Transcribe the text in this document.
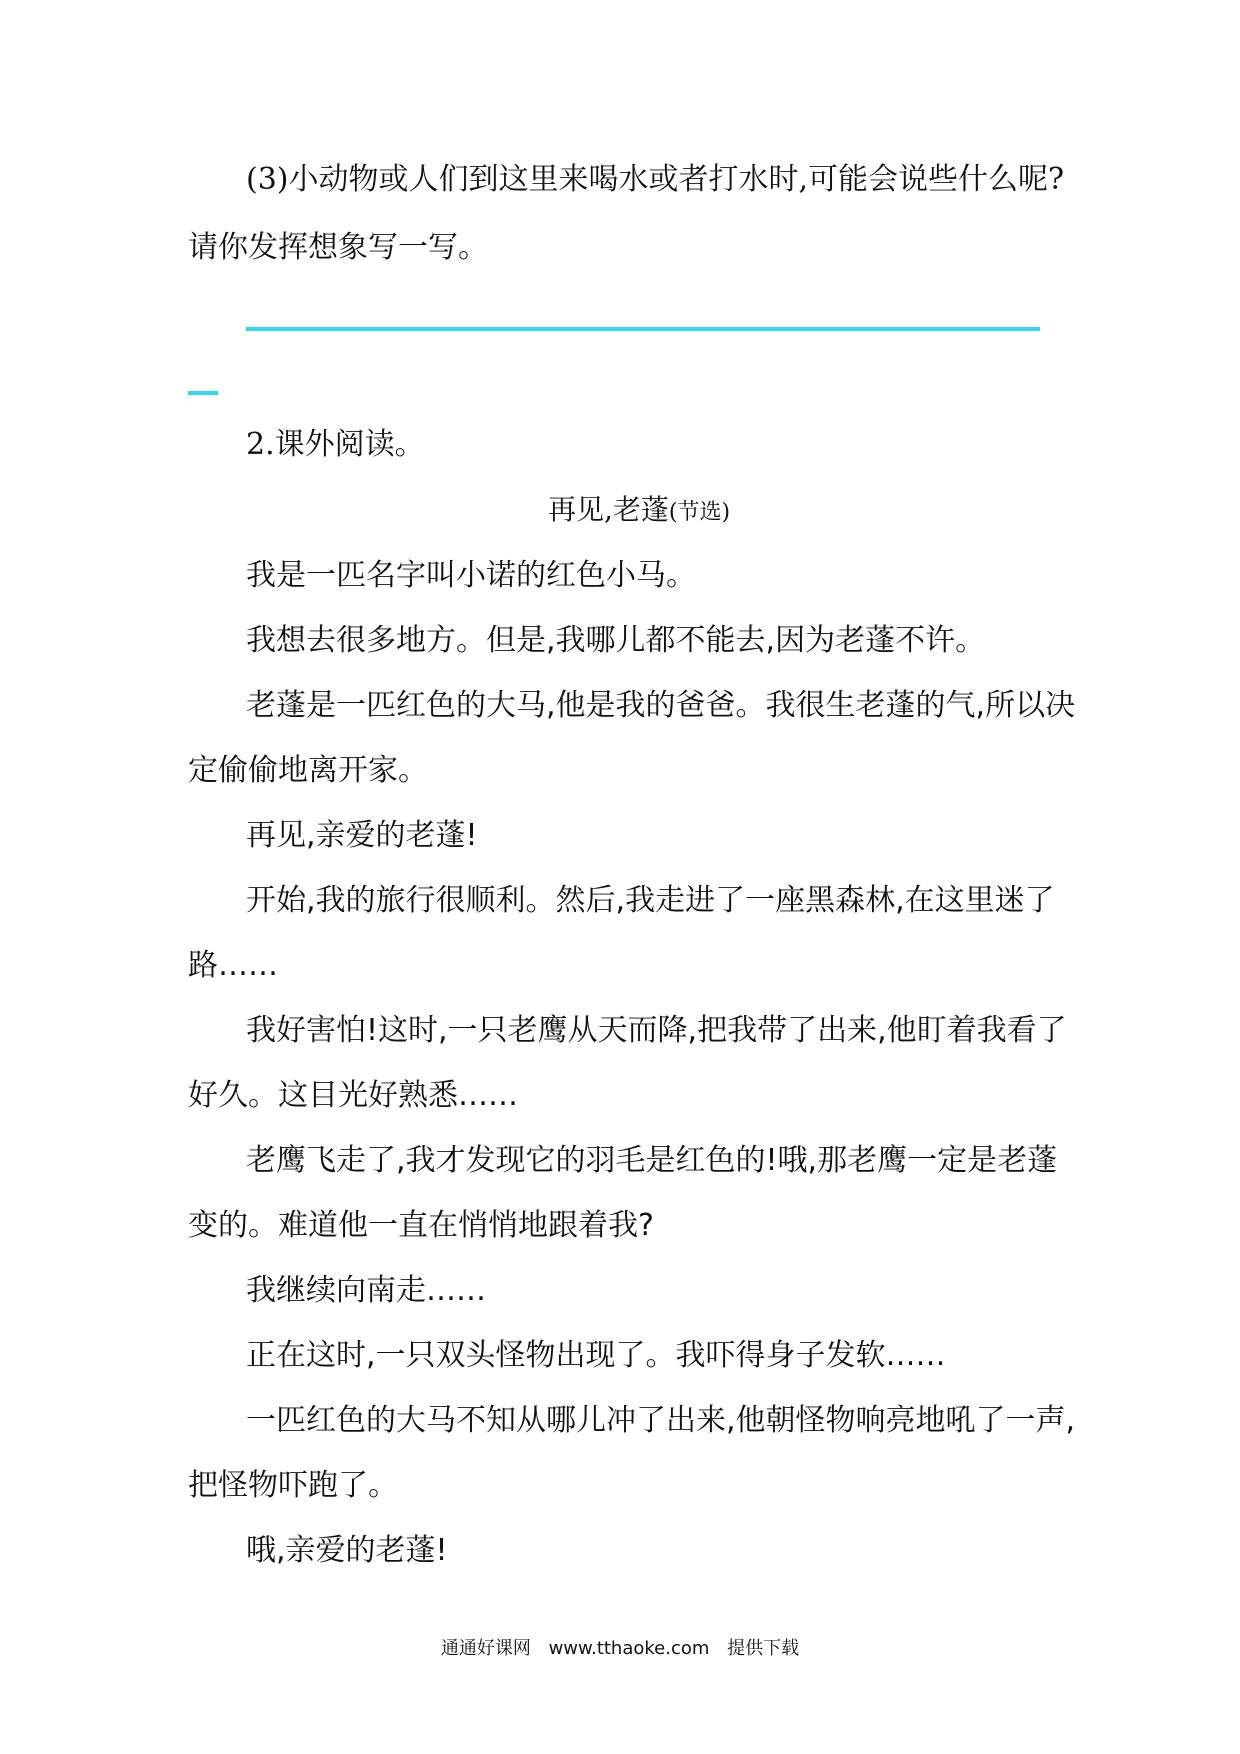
(3)小动物或人们到这里来喝水或者打水时,可能会说些什么呢?
请你发挥想象写一写。
2.课外阅读。
再见,老蓬(节选)
我是一匹名字叫小诺的红色小马。
我想去很多地方。但是,我哪儿都不能去,因为老蓬不许。
老蓬是一匹红色的大马,他是我的爸爸。我很生老蓬的气,所以决
定偷偷地离开家。
再见,亲爱的老蓬!
开始,我的旅行很顺利。然后,我走进了一座黑森林,在这里迷了
路……
我好害怕!这时,一只老鹰从天而降,把我带了出来,他盯着我看了
好久。这目光好熟悉……
老鹰飞走了,我才发现它的羽毛是红色的!哦,那老鹰一定是老蓬
变的。难道他一直在悄悄地跟着我?
我继续向南走……
正在这时,一只双头怪物出现了。我吓得身子发软……
一匹红色的大马不知从哪儿冲了出来,他朝怪物响亮地吼了一声,
把怪物吓跑了。
哦,亲爱的老蓬!
通通好课网 www.tthaoke.com 提供下载
